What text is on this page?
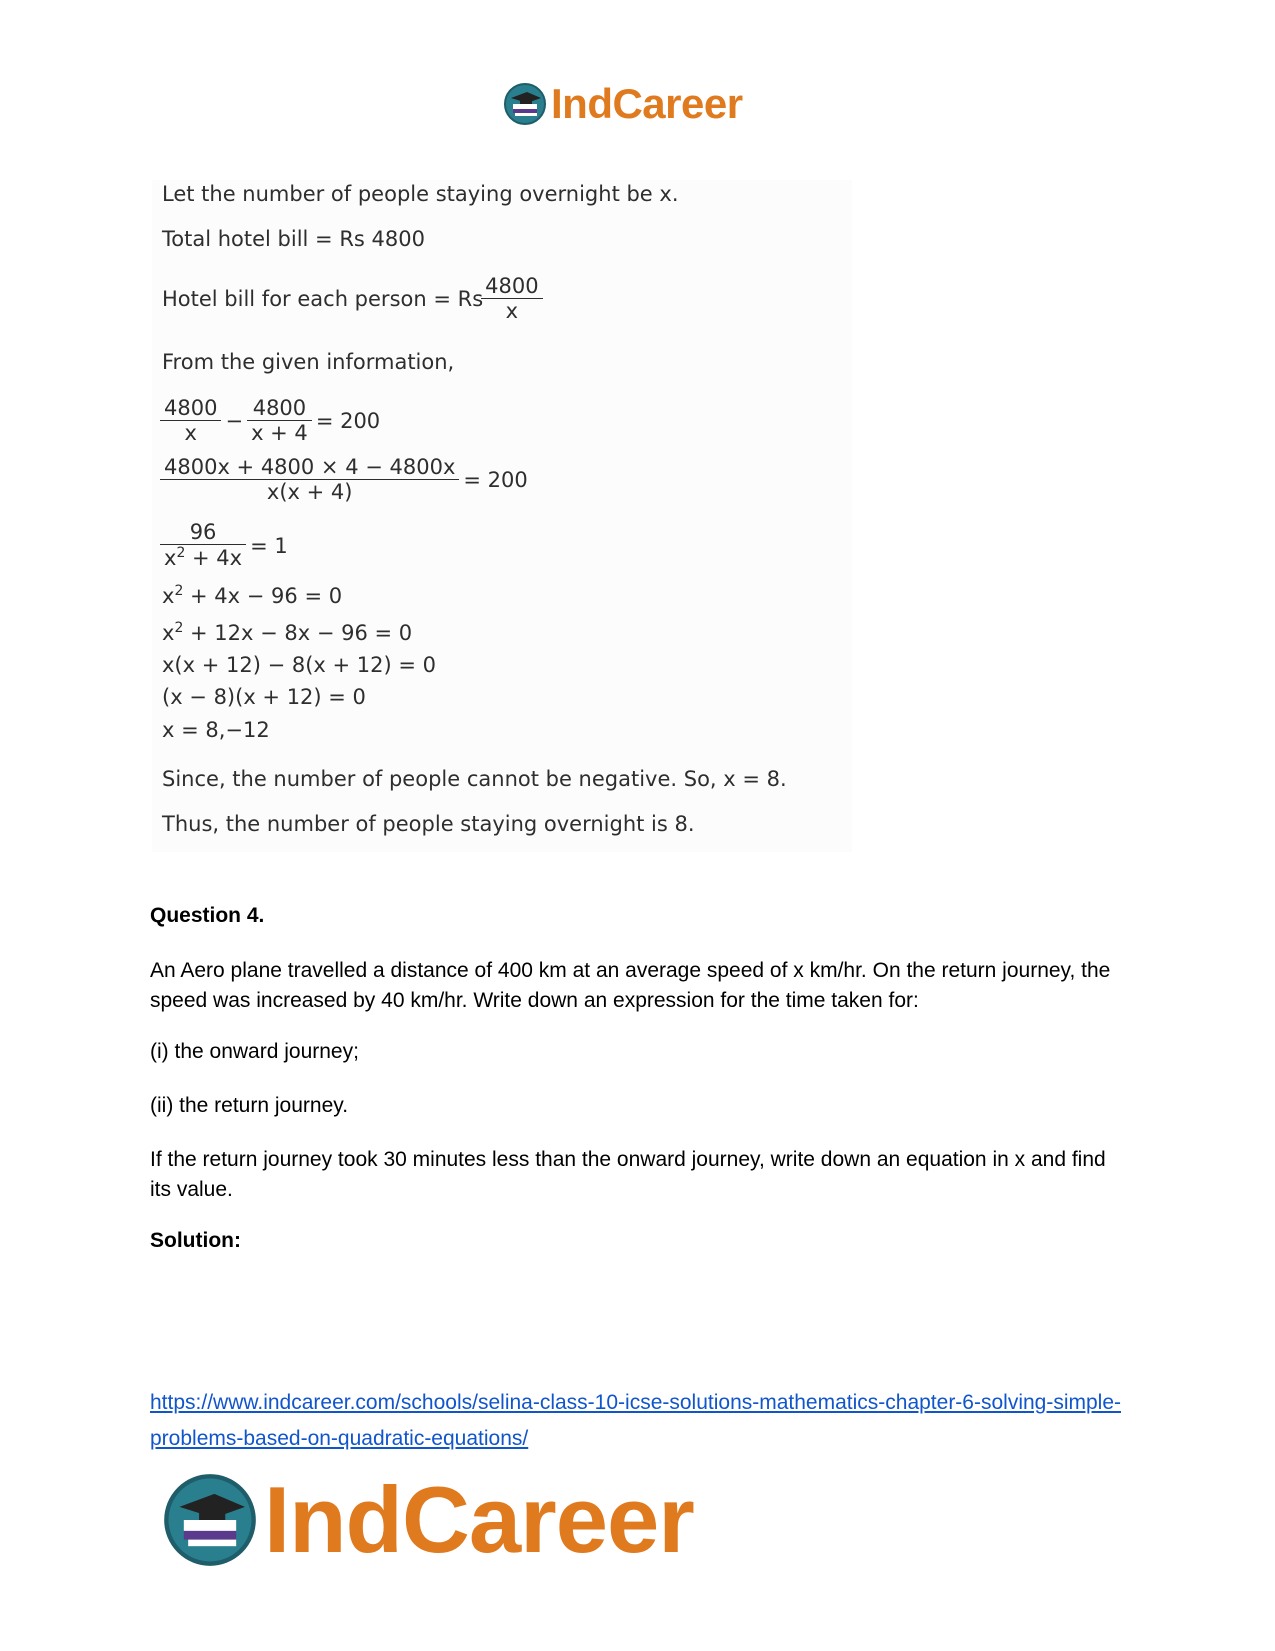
IndCareer
Let the number of people staying overnight be x.
Total hotel bill = Rs 4800
Hotel bill for each person = Rs $\frac{4800}{x}$
From the given information,
$\frac{4800}{x} - \frac{4800}{x + 4} = 200$
$\frac{4800x + 4800 \times 4 - 4800x}{x(x + 4)} = 200$
$\frac{96}{x^2 + 4x} = 1$
$x^2 + 4x - 96 = 0$
$x^2 + 12x - 8x - 96 = 0$
x(x + 12) − 8(x + 12) = 0
(x − 8)(x + 12) = 0
x = 8,−12
Since, the number of people cannot be negative. So, x = 8.
Thus, the number of people staying overnight is 8.
Question 4.
An Aero plane travelled a distance of 400 km at an average speed of x km/hr. On the return journey, the speed was increased by 40 km/hr. Write down an expression for the time taken for:
(i) the onward journey;
(ii) the return journey.
If the return journey took 30 minutes less than the onward journey, write down an equation in x and find its value.
Solution:
https://www.indcareer.com/schools/selina-class-10-icse-solutions-mathematics-chapter-6-solving-simple-problems-based-on-quadratic-equations/
IndCareer
